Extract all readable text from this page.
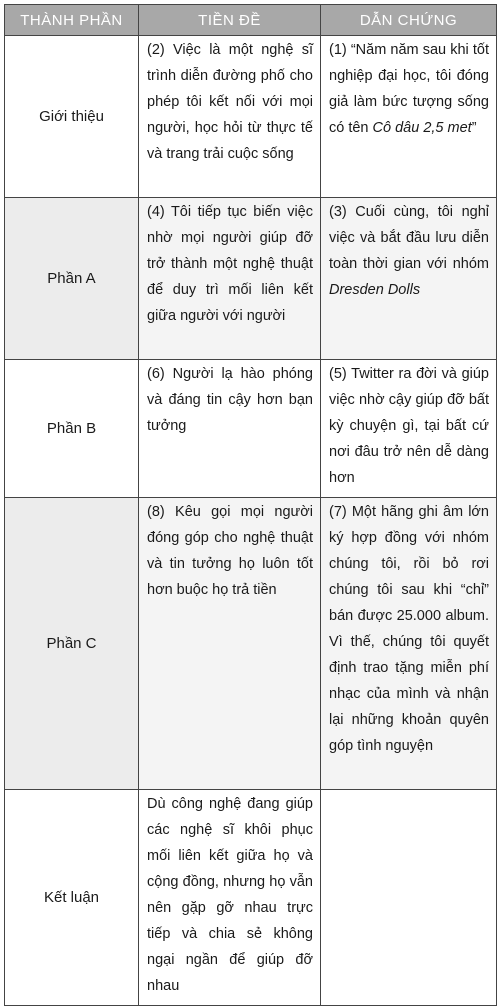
THÀNH PHẦN	TIỀN ĐỀ	DẪN CHỨNG
Giới thiệu	(2) Việc là một nghệ sĩ trình diễn đường phố cho phép tôi kết nối với mọi người, học hỏi từ thực tế và trang trải cuộc sống	(1) “Năm năm sau khi tốt nghiệp đại học, tôi đóng giả làm bức tượng sống có tên Cô dâu 2,5 met”
Phần A	(4) Tôi tiếp tục biến việc nhờ mọi người giúp đỡ trở thành một nghệ thuật để duy trì mối liên kết giữa người với người	(3) Cuối cùng, tôi nghỉ việc và bắt đầu lưu diễn toàn thời gian với nhóm Dresden Dolls
Phần B	(6) Người lạ hào phóng và đáng tin cậy hơn bạn tưởng	(5) Twitter ra đời và giúp việc nhờ cậy giúp đỡ bất kỳ chuyện gì, tại bất cứ nơi đâu trở nên dễ dàng hơn
Phần C	(8) Kêu gọi mọi người đóng góp cho nghệ thuật và tin tưởng họ luôn tốt hơn buộc họ trả tiền	(7) Một hãng ghi âm lớn ký hợp đồng với nhóm chúng tôi, rồi bỏ rơi chúng tôi sau khi “chỉ” bán được 25.000 album. Vì thế, chúng tôi quyết định trao tặng miễn phí nhạc của mình và nhận lại những khoản quyên góp tình nguyện
Kết luận	Dù công nghệ đang giúp các nghệ sĩ khôi phục mối liên kết giữa họ và cộng đồng, nhưng họ vẫn nên gặp gỡ nhau trực tiếp và chia sẻ không ngại ngần để giúp đỡ nhau	
